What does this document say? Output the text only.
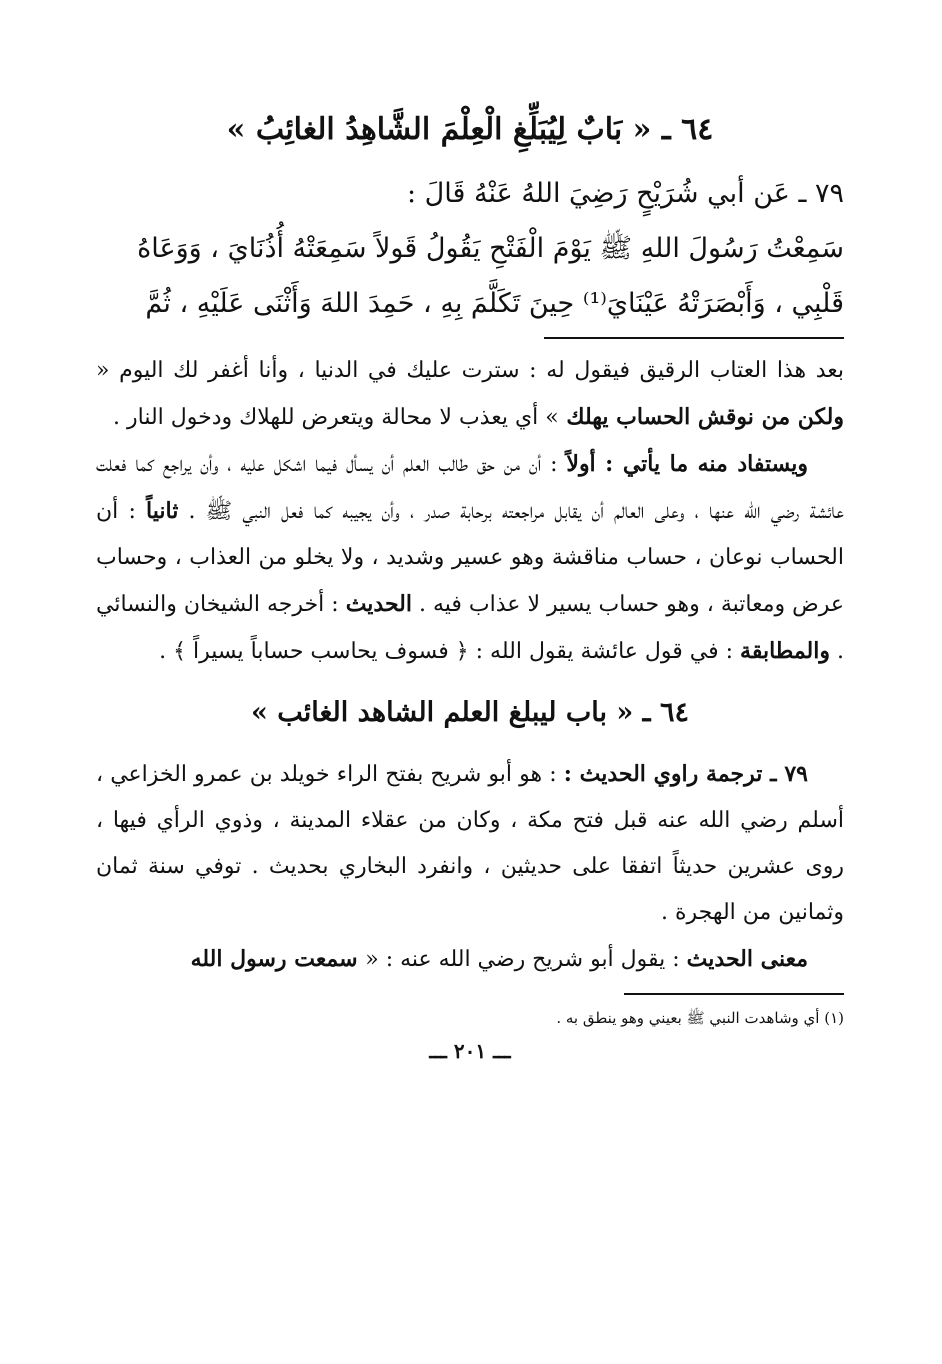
٦٤ ـ « بَابٌ لِيُبَلِّغِ الْعِلْمَ الشَّاهِدُ الغائِبُ »
٧٩ ـ عَن أبي شُرَيْحٍ رَضِيَ اللهُ عَنْهُ قَالَ :
سَمِعْتُ رَسُولَ اللهِ ﷺ يَوْمَ الْفَتْحِ يَقُولُ قَولاً سَمِعَتْهُ أُذُنَايَ ، وَوَعَاهُ
قَلْبِي ، وَأَبْصَرَتْهُ عَيْنَايَ⁽¹⁾ حِينَ تَكَلَّمَ بِهِ ، حَمِدَ اللهَ وَأَثْنَى عَلَيْهِ ، ثُمَّ

بعد هذا العتاب الرقيق فيقول له : سترت عليك في الدنيا ، وأنا أغفر لك اليوم « ولكن من نوقش الحساب يهلك » أي يعذب لا محالة ويتعرض للهلاك ودخول النار .

ويستفاد منه ما يأتي : أولاً : أن من حق طالب العلم أن يسأل فيما اشكل عليه ، وأن يراجع كما فعلت عائشة رضي الله عنها ، وعلى العالم أن يقابل مراجعته برحابة صدر ، وأن يجيبه كما فعل النبي ﷺ . ثانياً : أن الحساب نوعان ، حساب مناقشة وهو عسير وشديد ، ولا يخلو من العذاب ، وحساب عرض ومعاتبة ، وهو حساب يسير لا عذاب فيه . الحديث : أخرجه الشيخان والنسائي . والمطابقة : في قول عائشة يقول الله : ﴿ فسوف يحاسب حساباً يسيراً ﴾ .

٦٤ ـ « باب ليبلغ العلم الشاهد الغائب »

٧٩ ـ ترجمة راوي الحديث : : هو أبو شريح بفتح الراء خويلد بن عمرو الخزاعي ، أسلم رضي الله عنه قبل فتح مكة ، وكان من عقلاء المدينة ، وذوي الرأي فيها ، روى عشرين حديثاً اتفقا على حديثين ، وانفرد البخاري بحديث . توفي سنة ثمان وثمانين من الهجرة .

معنى الحديث : يقول أبو شريح رضي الله عنه : « سمعت رسول الله

(١) أي وشاهدت النبي ﷺ بعيني وهو ينطق به .

ـــ ٢٠١ ـــ
